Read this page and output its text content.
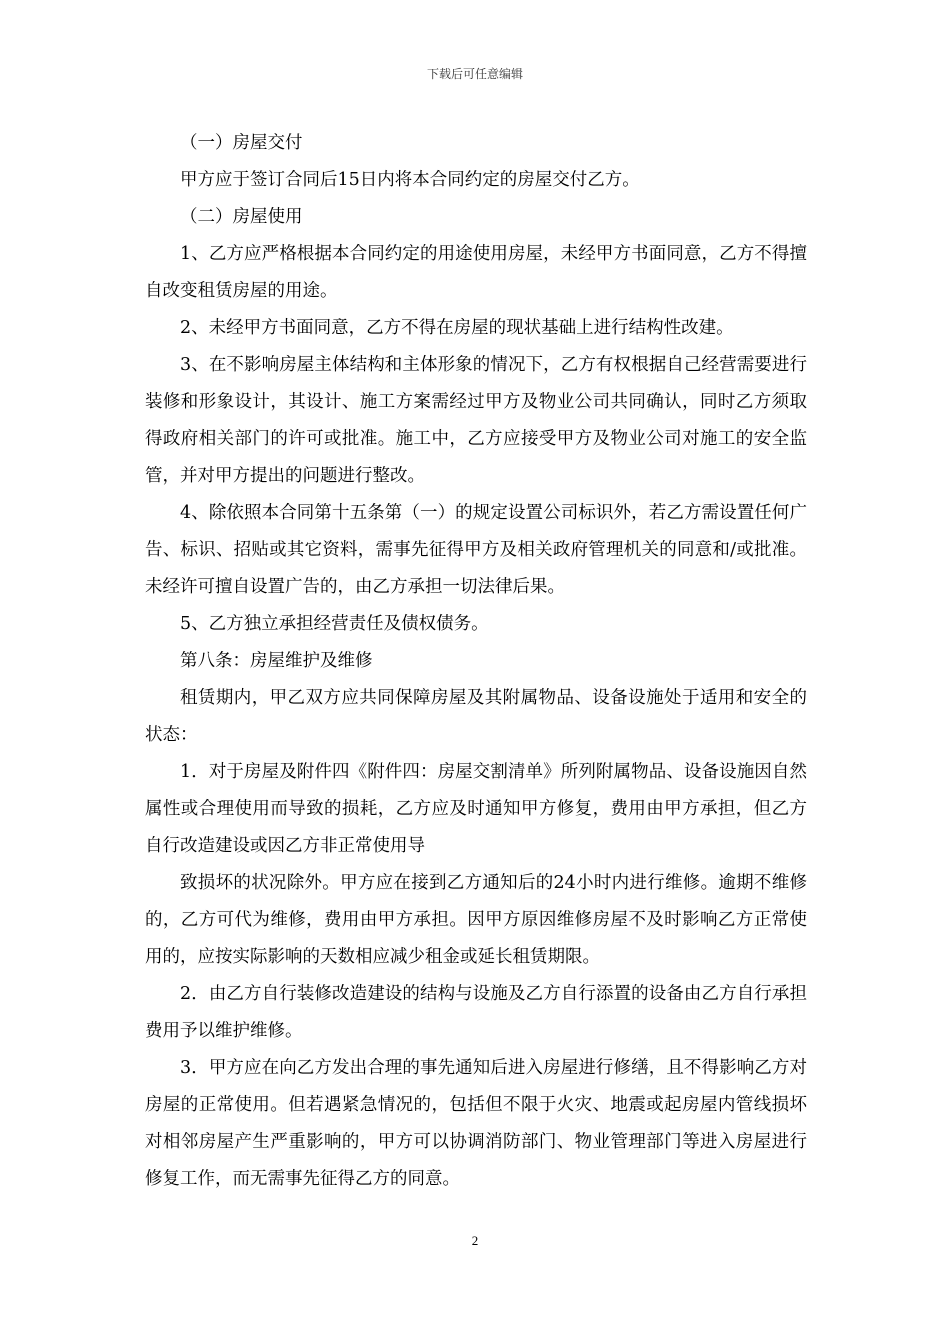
下载后可任意编辑

（一）房屋交付

甲方应于签订合同后15日内将本合同约定的房屋交付乙方。

（二）房屋使用

1、乙方应严格根据本合同约定的用途使用房屋，未经甲方书面同意，乙方不得擅自改变租赁房屋的用途。

2、未经甲方书面同意，乙方不得在房屋的现状基础上进行结构性改建。

3、在不影响房屋主体结构和主体形象的情况下，乙方有权根据自己经营需要进行装修和形象设计，其设计、施工方案需经过甲方及物业公司共同确认，同时乙方须取得政府相关部门的许可或批准。施工中，乙方应接受甲方及物业公司对施工的安全监管，并对甲方提出的问题进行整改。

4、除依照本合同第十五条第（一）的规定设置公司标识外，若乙方需设置任何广告、标识、招贴或其它资料，需事先征得甲方及相关政府管理机关的同意和/或批准。未经许可擅自设置广告的，由乙方承担一切法律后果。

5、乙方独立承担经营责任及债权债务。

第八条：房屋维护及维修

租赁期内，甲乙双方应共同保障房屋及其附属物品、设备设施处于适用和安全的状态：

1．对于房屋及附件四《附件四：房屋交割清单》所列附属物品、设备设施因自然属性或合理使用而导致的损耗，乙方应及时通知甲方修复，费用由甲方承担，但乙方自行改造建设或因乙方非正常使用导

致损坏的状况除外。甲方应在接到乙方通知后的24小时内进行维修。逾期不维修的，乙方可代为维修，费用由甲方承担。因甲方原因维修房屋不及时影响乙方正常使用的，应按实际影响的天数相应减少租金或延长租赁期限。

2．由乙方自行装修改造建设的结构与设施及乙方自行添置的设备由乙方自行承担费用予以维护维修。

3．甲方应在向乙方发出合理的事先通知后进入房屋进行修缮，且不得影响乙方对房屋的正常使用。但若遇紧急情况的，包括但不限于火灾、地震或起房屋内管线损坏对相邻房屋产生严重影响的，甲方可以协调消防部门、物业管理部门等进入房屋进行修复工作，而无需事先征得乙方的同意。

2
